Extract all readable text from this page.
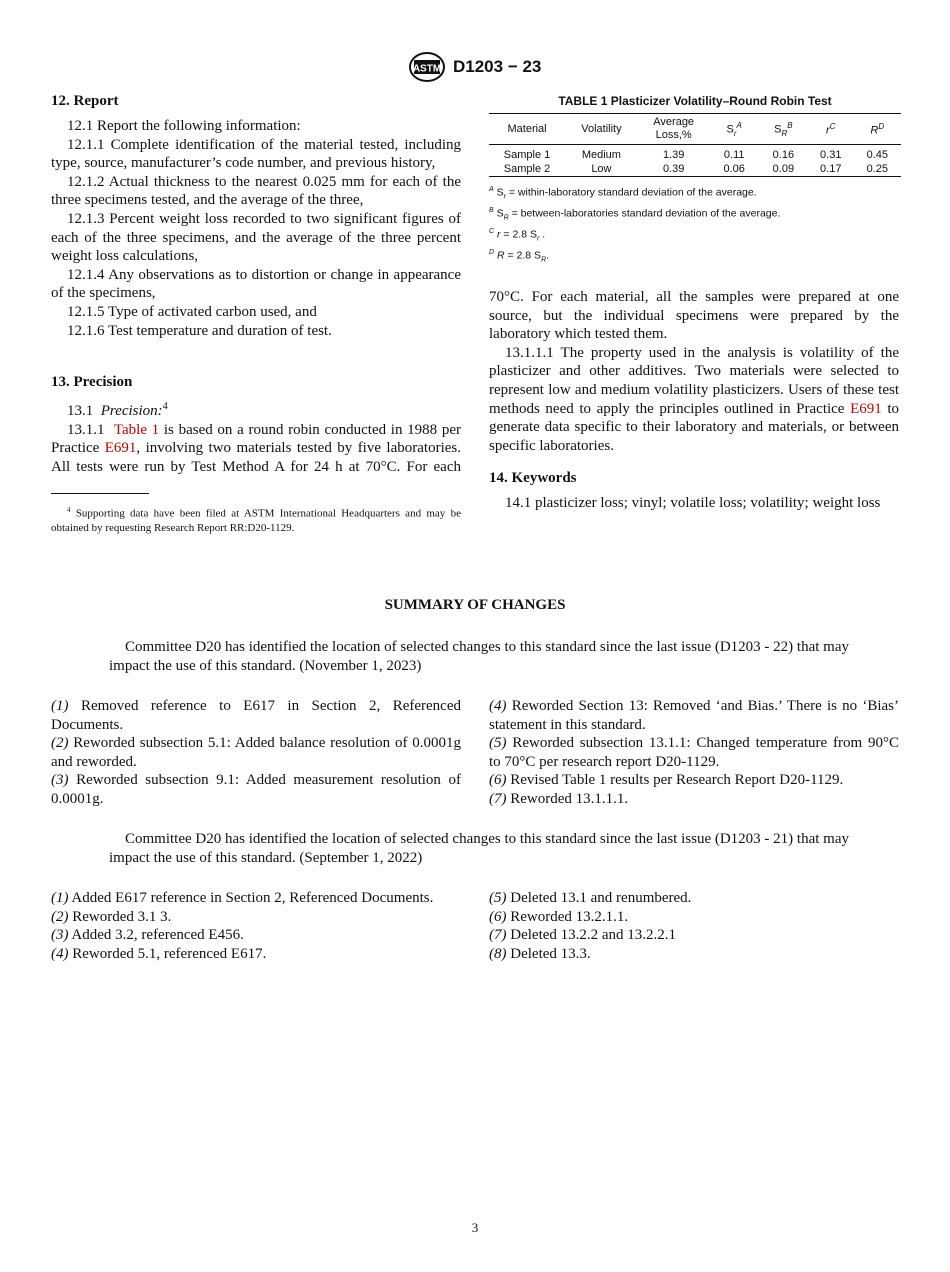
ASTM D1203 − 23

12. Report

12.1 Report the following information:

12.1.1 Complete identification of the material tested, including type, source, manufacturer’s code number, and previous history,

12.1.2 Actual thickness to the nearest 0.025 mm for each of the three specimens tested, and the average of the three,

12.1.3 Percent weight loss recorded to two significant figures of each of the three specimens, and the average of the three percent weight loss calculations,

12.1.4 Any observations as to distortion or change in appearance of the specimens,

12.1.5 Type of activated carbon used, and

12.1.6 Test temperature and duration of test.

13. Precision

13.1 Precision:$^4$

13.1.1 Table 1 is based on a round robin conducted in 1988 per Practice E691, involving two materials tested by five laboratories. All tests were run by Test Method A for 24 h at 70°C. For each

$^4$ Supporting data have been filed at ASTM International Headquarters and may be obtained by requesting Research Report RR:D20-1129.
TABLE 1 Plasticizer Volatility–Round Robin Test
Material	Volatility	Average Loss,%	$S_r^A$	$S_R^B$	$r^C$	$R^D$
Sample 1	Medium	1.39	0.11	0.16	0.31	0.45
Sample 2	Low	0.39	0.06	0.09	0.17	0.25
$^A$ $S_r$ = within-laboratory standard deviation of the average.
$^B$ $S_R$ = between-laboratories standard deviation of the average.
$^C$ r = 2.8 $S_r$ .
$^D$ R = 2.8 $S_R$.

70°C. For each material, all the samples were prepared at one source, but the individual specimens were prepared by the laboratory which tested them.

13.1.1.1 The property used in the analysis is volatility of the plasticizer and other additives. Two materials were selected to represent low and medium volatility plasticizers. Users of these test methods need to apply the principles outlined in Practice E691 to generate data specific to their laboratory and materials, or between specific laboratories.

14. Keywords

14.1 plasticizer loss; vinyl; volatile loss; volatility; weight loss

SUMMARY OF CHANGES
Committee D20 has identified the location of selected changes to this standard since the last issue (D1203 - 22) that may impact the use of this standard. (November 1, 2023)

(1) Removed reference to E617 in Section 2, Referenced Documents.

(2) Reworded subsection 5.1: Added balance resolution of 0.0001g and reworded.

(3) Reworded subsection 9.1: Added measurement resolution of 0.0001g.

(4) Reworded Section 13: Removed ‘and Bias.’ There is no ‘Bias’ statement in this standard.

(5) Reworded subsection 13.1.1: Changed temperature from 90°C to 70°C per research report D20-1129.

(6) Revised Table 1 results per Research Report D20-1129.

(7) Reworded 13.1.1.1.

Committee D20 has identified the location of selected changes to this standard since the last issue (D1203 - 21) that may impact the use of this standard. (September 1, 2022)

(1) Added E617 reference in Section 2, Referenced Documents.

(2) Reworded 3.1 3.

(3) Added 3.2, referenced E456.

(4) Reworded 5.1, referenced E617.

(5) Deleted 13.1 and renumbered.

(6) Reworded 13.2.1.1.

(7) Deleted 13.2.2 and 13.2.2.1

(8) Deleted 13.3.

3
